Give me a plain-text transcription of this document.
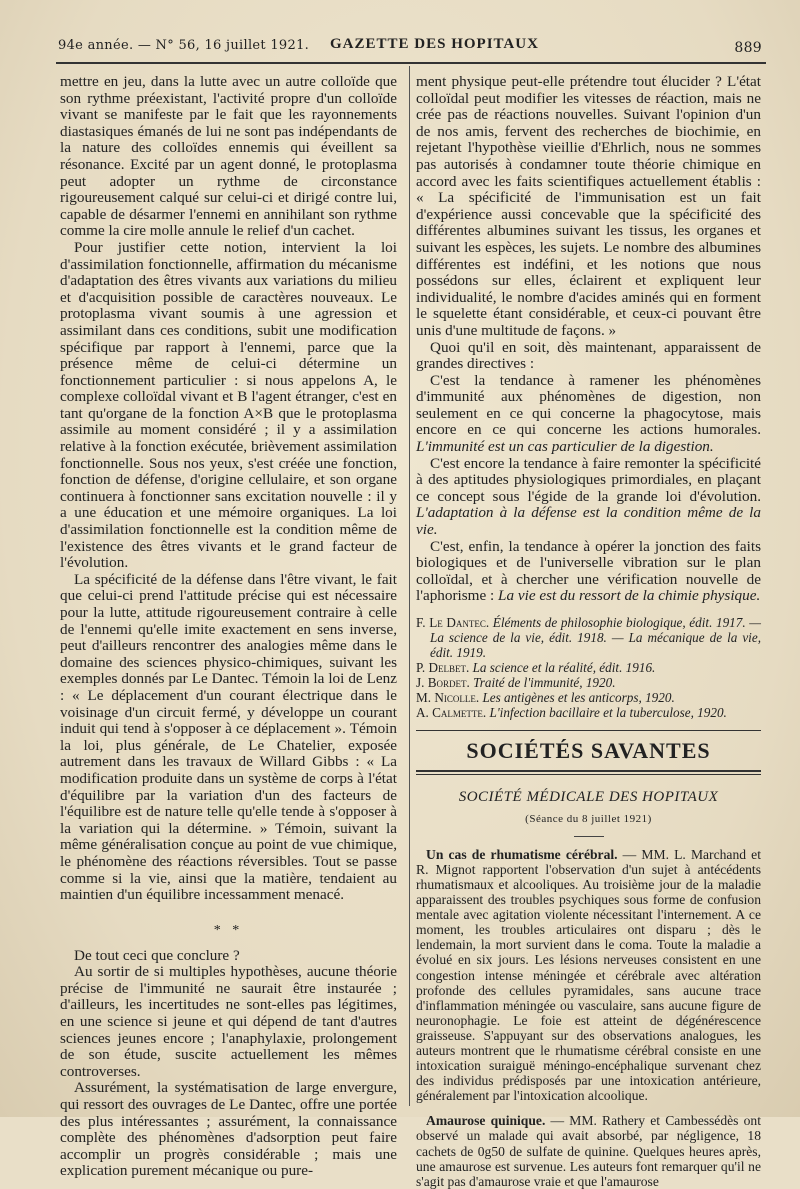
94e année. — N° 56, 16 juillet 1921. GAZETTE DES HOPITAUX	889

mettre en jeu, dans la lutte avec un autre colloïde que son rythme préexistant, l'activité propre d'un colloïde vivant se manifeste par le fait que les rayonnements diastasiques émanés de lui ne sont pas indépendants de la nature des colloïdes ennemis qui éveillent sa résonance. Excité par un agent donné, le protoplasma peut adopter un rythme de circonstance rigoureusement calqué sur celui-ci et dirigé contre lui, capable de désarmer l'ennemi en annihilant son rythme comme la cire molle annule le relief d'un cachet.

Pour justifier cette notion, intervient la loi d'assimilation fonctionnelle, affirmation du mécanisme d'adaptation des êtres vivants aux variations du milieu et d'acquisition possible de caractères nouveaux. Le protoplasma vivant soumis à une agression et assimilant dans ces conditions, subit une modification spécifique par rapport à l'ennemi, parce que la présence même de celui-ci détermine un fonctionnement particulier : si nous appelons A, le complexe colloïdal vivant et B l'agent étranger, c'est en tant qu'organe de la fonction A×B que le protoplasma assimile au moment considéré ; il y a assimilation relative à la fonction exécutée, brièvement assimilation fonctionnelle. Sous nos yeux, s'est créée une fonction, fonction de défense, d'origine cellulaire, et son organe continuera à fonctionner sans excitation nouvelle : il y a une éducation et une mémoire organiques. La loi d'assimilation fonctionnelle est la condition même de l'existence des êtres vivants et le grand facteur de l'évolution.

La spécificité de la défense dans l'être vivant, le fait que celui-ci prend l'attitude précise qui est nécessaire pour la lutte, attitude rigoureusement contraire à celle de l'ennemi qu'elle imite exactement en sens inverse, peut d'ailleurs rencontrer des analogies même dans le domaine des sciences physico-chimiques, suivant les exemples donnés par Le Dantec. Témoin la loi de Lenz : « Le déplacement d'un courant électrique dans le voisinage d'un circuit fermé, y développe un courant induit qui tend à s'opposer à ce déplacement ». Témoin la loi, plus générale, de Le Chatelier, exposée autrement dans les travaux de Willard Gibbs : « La modification produite dans un système de corps à l'état d'équilibre par la variation d'un des facteurs de l'équilibre est de nature telle qu'elle tende à s'opposer à la variation qui la détermine. » Témoin, suivant la même généralisation conçue au point de vue chimique, le phénomène des réactions réversibles. Tout se passe comme si la vie, ainsi que la matière, tendaient au maintien d'un équilibre incessamment menacé.

* *

De tout ceci que conclure ?

Au sortir de si multiples hypothèses, aucune théorie précise de l'immunité ne saurait être instaurée ; d'ailleurs, les incertitudes ne sont-elles pas légitimes, en une science si jeune et qui dépend de tant d'autres sciences jeunes encore ; l'anaphylaxie, prolongement de son étude, suscite actuellement les mêmes controverses.

Assurément, la systématisation de large envergure, qui ressort des ouvrages de Le Dantec, offre une portée des plus intéressantes ; assurément, la connaissance complète des phénomènes d'adsorption peut faire accomplir un progrès considérable ; mais une explication purement mécanique ou pure-

ment physique peut-elle prétendre tout élucider ? L'état colloïdal peut modifier les vitesses de réaction, mais ne crée pas de réactions nouvelles. Suivant l'opinion d'un de nos amis, fervent des recherches de biochimie, en rejetant l'hypothèse vieillie d'Ehrlich, nous ne sommes pas autorisés à condamner toute théorie chimique en accord avec les faits scientifiques actuellement établis : « La spécificité de l'immunisation est un fait d'expérience aussi concevable que la spécificité des différentes albumines suivant les tissus, les organes et suivant les espèces, les sujets. Le nombre des albumines différentes est indéfini, et les notions que nous possédons sur elles, éclairent et expliquent leur individualité, le nombre d'acides aminés qui en forment le squelette étant considérable, et ceux-ci pouvant être unis d'une multitude de façons. »

Quoi qu'il en soit, dès maintenant, apparaissent de grandes directives :

C'est la tendance à ramener les phénomènes d'immunité aux phénomènes de digestion, non seulement en ce qui concerne la phagocytose, mais encore en ce qui concerne les actions humorales. L'immunité est un cas particulier de la digestion.

C'est encore la tendance à faire remonter la spécificité à des aptitudes physiologiques primordiales, en plaçant ce concept sous l'égide de la grande loi d'évolution. L'adaptation à la défense est la condition même de la vie.

C'est, enfin, la tendance à opérer la jonction des faits biologiques et de l'universelle vibration sur le plan colloïdal, et à chercher une vérification nouvelle de l'aphorisme : La vie est du ressort de la chimie physique.

F. Le Dantec. Éléments de philosophie biologique, édit. 1917. — La science de la vie, édit. 1918. — La mécanique de la vie, édit. 1919.
P. Delbet. La science et la réalité, édit. 1916.
J. Bordet. Traité de l'immunité, 1920.
M. Nicolle. Les antigènes et les anticorps, 1920.
A. Calmette. L'infection bacillaire et la tuberculose, 1920.
SOCIÉTÉS SAVANTES
SOCIÉTÉ MÉDICALE DES HOPITAUX
(Séance du 8 juillet 1921)

Un cas de rhumatisme cérébral. — MM. L. Marchand et R. Mignot rapportent l'observation d'un sujet à antécédents rhumatismaux et alcooliques. Au troisième jour de la maladie apparaissent des troubles psychiques sous forme de confusion mentale avec agitation violente nécessitant l'internement. A ce moment, les troubles articulaires ont disparu ; dès le lendemain, la mort survient dans le coma. Toute la maladie a évolué en six jours. Les lésions nerveuses consistent en une congestion intense méningée et cérébrale avec altération profonde des cellules pyramidales, sans aucune trace d'inflammation méningée ou vasculaire, sans aucune figure de neuronophagie. Le foie est atteint de dégénérescence graisseuse. S'appuyant sur des observations analogues, les auteurs montrent que le rhumatisme cérébral consiste en une intoxication suraiguë méningo-encéphalique survenant chez des individus prédisposés par une intoxication antérieure, généralement par l'intoxication alcoolique.

Amaurose quinique. — MM. Rathery et Cambessédès ont observé un malade qui avait absorbé, par négligence, 18 cachets de 0g50 de sulfate de quinine. Quelques heures après, une amaurose est survenue. Les auteurs font remarquer qu'il ne s'agit pas d'amaurose vraie et que l'amaurose
